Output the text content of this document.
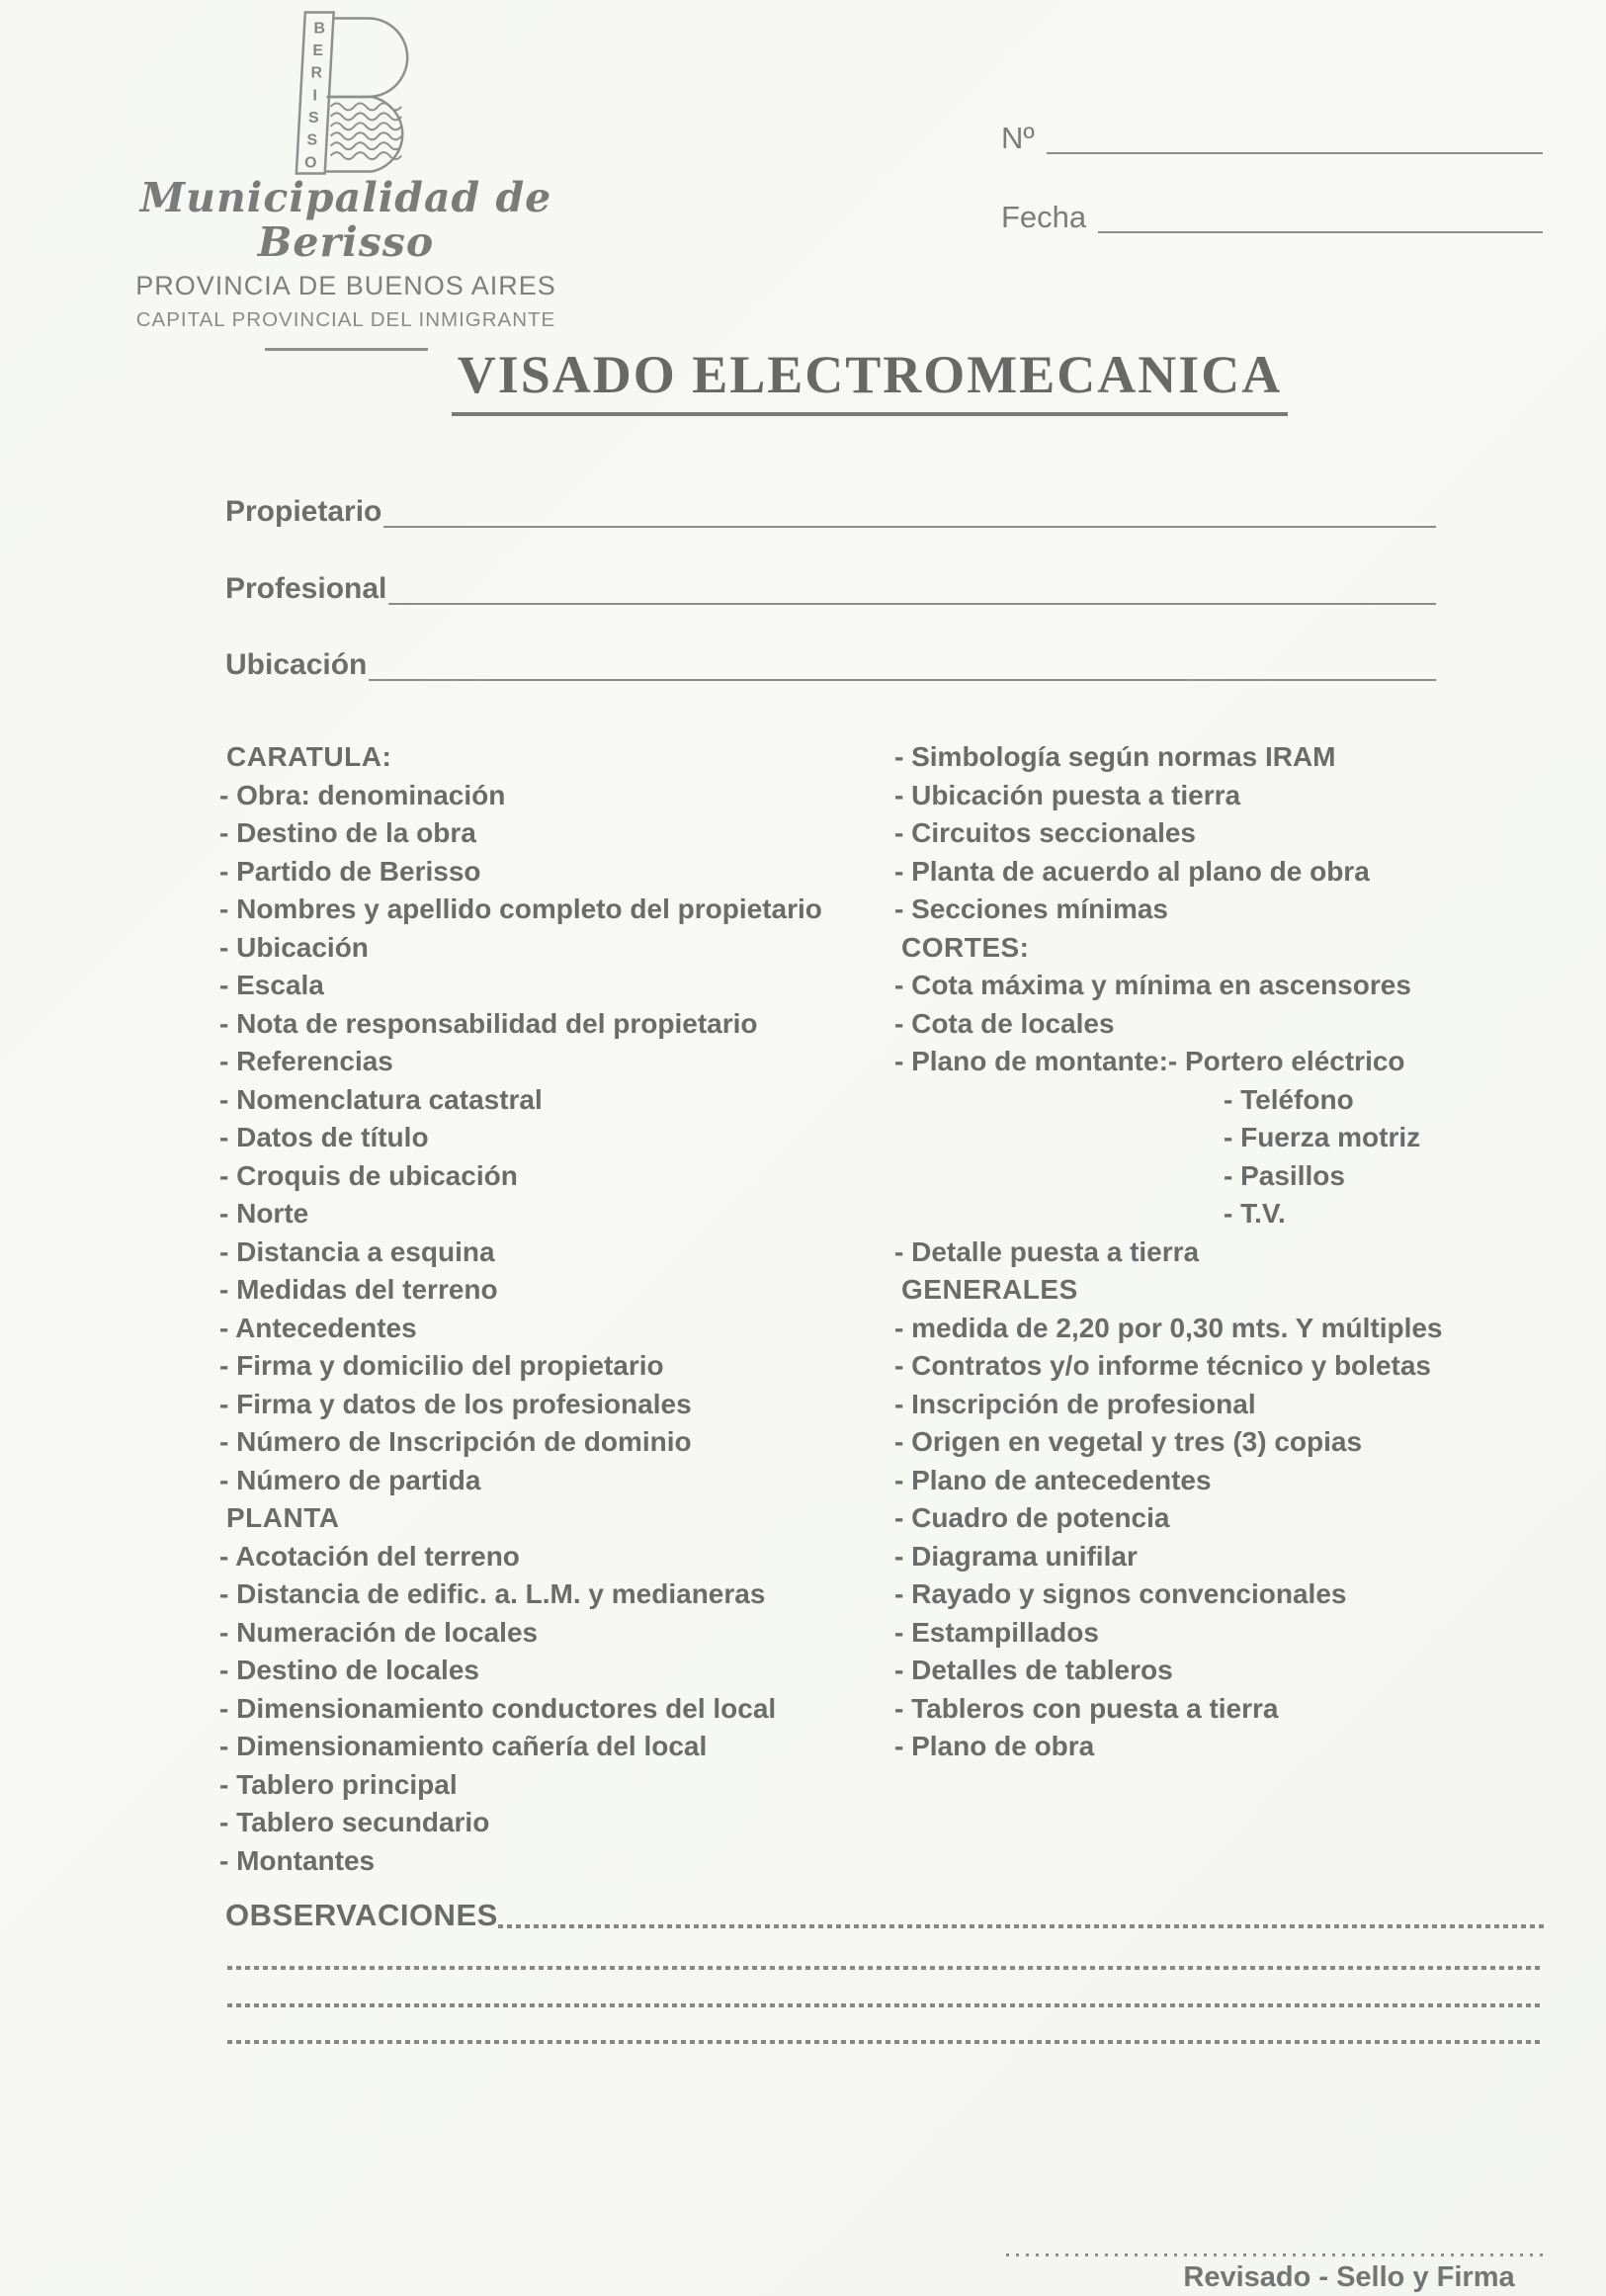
B
E
R
I
S
S
O
Municipalidad de Berisso
PROVINCIA DE BUENOS AIRES
CAPITAL PROVINCIAL DEL INMIGRANTE
Nº
Fecha
VISADO ELECTROMECANICA
Propietario
Profesional
Ubicación
CARATULA:
- Obra: denominación
- Destino de la obra
- Partido de Berisso
- Nombres y apellido completo del propietario
- Ubicación
- Escala
- Nota de responsabilidad del propietario
- Referencias
- Nomenclatura catastral
- Datos de título
- Croquis de ubicación
- Norte
- Distancia a esquina
- Medidas del terreno
- Antecedentes
- Firma y domicilio del propietario
- Firma y datos de los profesionales
- Número de Inscripción de dominio
- Número de partida
PLANTA
- Acotación del terreno
- Distancia de edific. a. L.M. y medianeras
- Numeración de locales
- Destino de locales
- Dimensionamiento conductores del local
- Dimensionamiento cañería del local
- Tablero principal
- Tablero secundario
- Montantes
- Simbología según normas IRAM
- Ubicación puesta a tierra
- Circuitos seccionales
- Planta de acuerdo al plano de obra
- Secciones mínimas
CORTES:
- Cota máxima y mínima en ascensores
- Cota de locales
- Plano de montante:- Portero eléctrico
- Teléfono
- Fuerza motriz
- Pasillos
- T.V.
- Detalle puesta a tierra
GENERALES
- medida de 2,20 por 0,30 mts. Y múltiples
- Contratos y/o informe técnico y boletas
- Inscripción de profesional
- Origen en vegetal y tres (3) copias
- Plano de antecedentes
- Cuadro de potencia
- Diagrama unifilar
- Rayado y signos convencionales
- Estampillados
- Detalles de tableros
- Tableros con puesta a tierra
- Plano de obra
OBSERVACIONES
Revisado - Sello y Firma
